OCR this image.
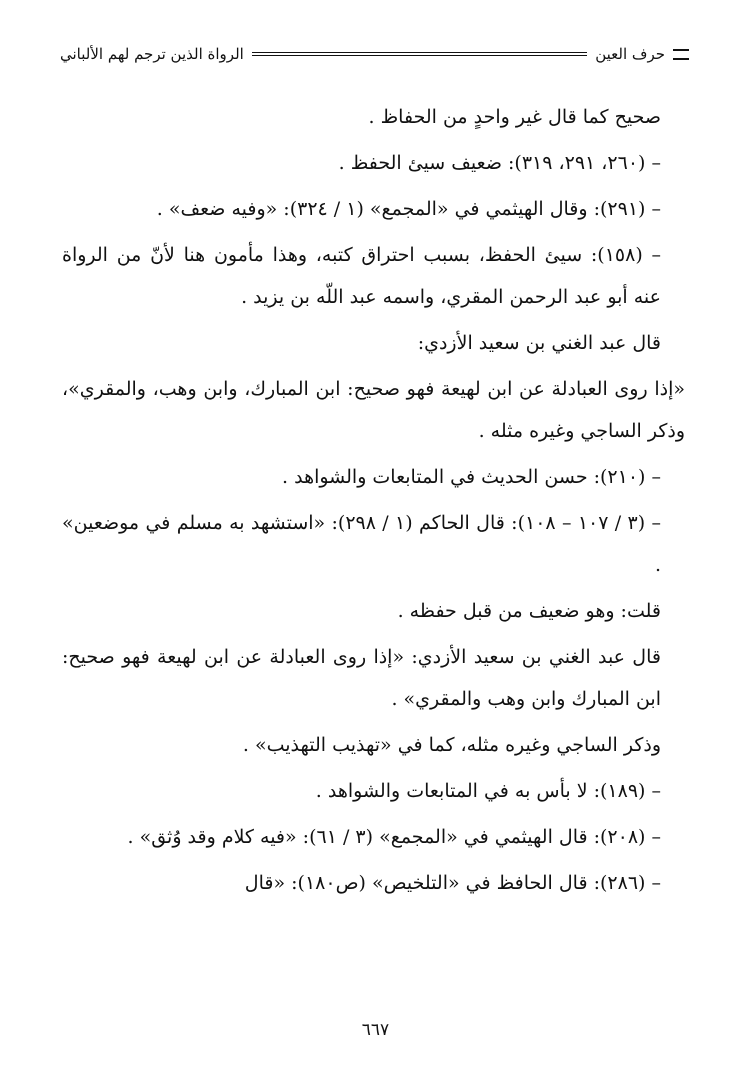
حرف العين
الرواة الذين ترجم لهم الألباني

صحيح كما قال غير واحدٍ من الحفاظ .

– (٢٦٠، ٢٩١، ٣١٩): ضعيف سيئ الحفظ .

– (٢٩١): وقال الهيثمي في «المجمع» (١ / ٣٢٤): «وفيه ضعف» .

– (١٥٨): سيئ الحفظ، بسبب احتراق كتبه، وهذا مأمون هنا لأنّ من الرواة عنه أبو عبد الرحمن المقري، واسمه عبد اللّه بن يزيد .

قال عبد الغني بن سعيد الأزدي:

«إذا روى العبادلة عن ابن لهيعة فهو صحيح: ابن المبارك، وابن وهب، والمقري»، وذكر الساجي وغيره مثله .

– (٢١٠): حسن الحديث في المتابعات والشواهد .

– (٣ / ١٠٧ – ١٠٨): قال الحاكم (١ / ٢٩٨): «استشهد به مسلم في موضعين» .

قلت: وهو ضعيف من قبل حفظه .

قال عبد الغني بن سعيد الأزدي: «إذا روى العبادلة عن ابن لهيعة فهو صحيح: ابن المبارك وابن وهب والمقري» .

وذكر الساجي وغيره مثله، كما في «تهذيب التهذيب» .

– (١٨٩): لا بأس به في المتابعات والشواهد .

– (٢٠٨): قال الهيثمي في «المجمع» (٣ / ٦١): «فيه كلام وقد وُثق» .

– (٢٨٦): قال الحافظ في «التلخيص» (ص١٨٠): «قال

٦٦٧
